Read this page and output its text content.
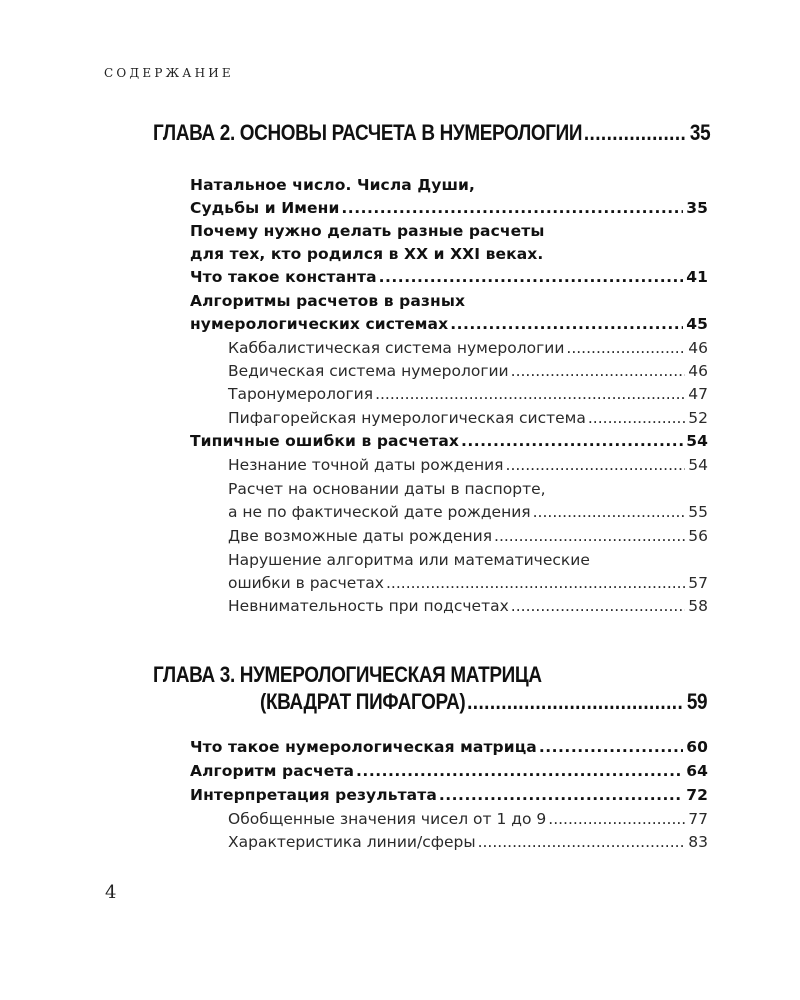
СОДЕРЖАНИЕ
ГЛАВА 2. ОСНОВЫ РАСЧЕТА В НУМЕРОЛОГИИ .....	35
Натальное число. Числа Души,
Судьбы и Имени .....	35
Почему нужно делать разные расчеты
для тех, кто родился в XX и XXI веках.
Что такое константа .....	41
Алгоритмы расчетов в разных
нумерологических системах .....	45
Каббалистическая система нумерологии .....	46
Ведическая система нумерологии .....	46
Таронумерология .....	47
Пифагорейская нумерологическая система .....	52
Типичные ошибки в расчетах .....	54
Незнание точной даты рождения .....	54
Расчет на основании даты в паспорте,
а не по фактической дате рождения .....	55
Две возможные даты рождения .....	56
Нарушение алгоритма или математические
ошибки в расчетах .....	57
Невнимательность при подсчетах .....	58
ГЛАВА 3. НУМЕРОЛОГИЧЕСКАЯ МАТРИЦА
(КВАДРАТ ПИФАГОРА) .....	59
Что такое нумерологическая матрица .....	60
Алгоритм расчета .....	64
Интерпретация результата .....	72
Обобщенные значения чисел от 1 до 9 .....	77
Характеристика линии/сферы .....	83
4
